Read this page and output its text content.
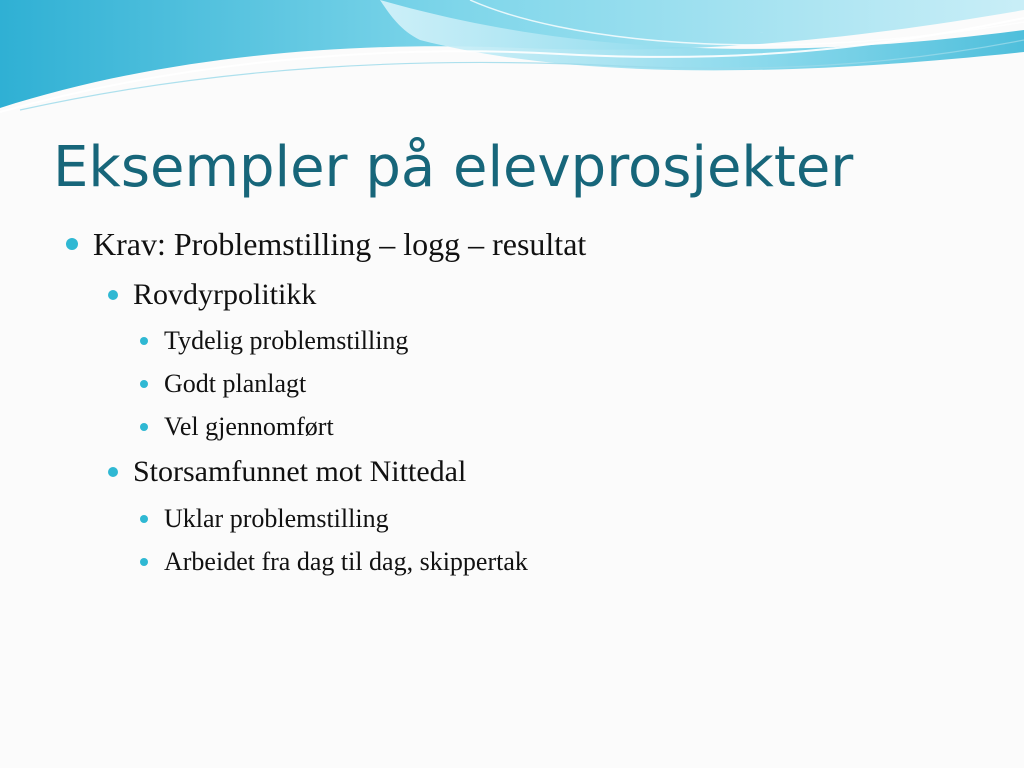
Eksempler på elevprosjekter
Krav: Problemstilling – logg – resultat
Rovdyrpolitikk
Tydelig problemstilling
Godt planlagt
Vel gjennomført
Storsamfunnet mot Nittedal
Uklar problemstilling
Arbeidet fra dag til dag, skippertak
